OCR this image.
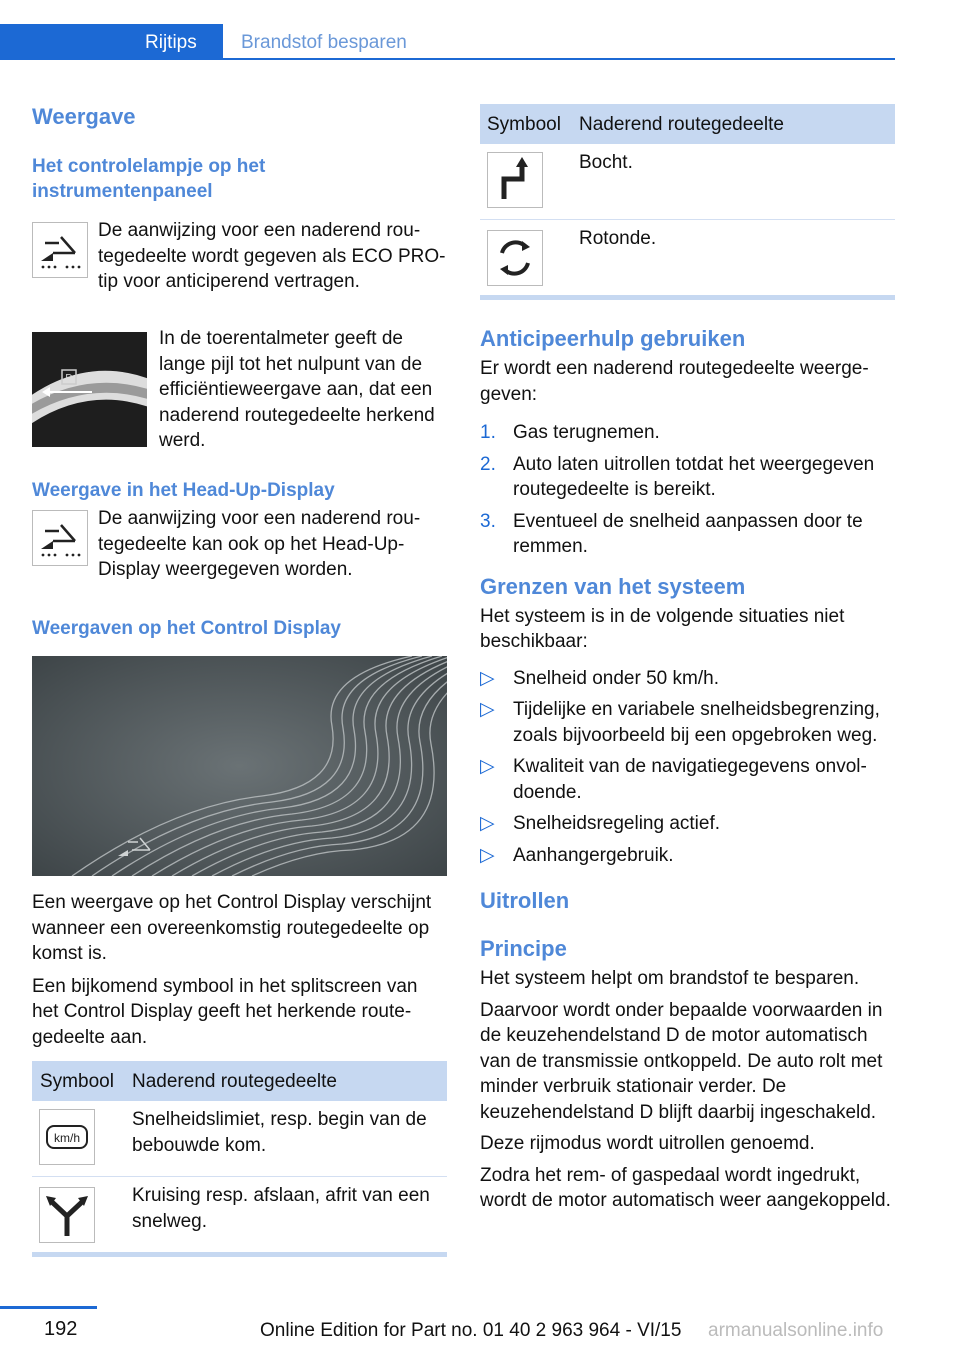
Rijtips Brandstof besparen

Weergave

Het controlelampje op het instrumentenpaneel

De aanwijzing voor een naderend routegedeelte wordt gegeven als ECO PRO-tip voor anticiperend vertragen.

D ECO PRO

In de toerentalmeter geeft de lange pijl tot het nulpunt van de efficiëntieweergave aan, dat een naderend routegedeelte herkend werd.

Weergave in het Head-Up-Display

De aanwijzing voor een naderend routegedeelte kan ook op het Head-Up-Display weergegeven worden.

Weergaven op het Control Display

Een weergave op het Control Display verschijnt wanneer een overeenkomstig routegedeelte op komst is.

Een bijkomend symbool in het splitscreen van het Control Display geeft het herkende routegedeelte aan.

Symbool Naderend routegedeelte
km/h

Snelheidslimiet, resp. begin van de bebouwde kom.

Kruising resp. afslaan, afrit van een snelweg.

Symbool Naderend routegedeelte

Bocht.

Rotonde.

Anticipeerhulp gebruiken

Er wordt een naderend routegedeelte weergegeven:

1. Gas terugnemen.
2. Auto laten uitrollen totdat het weergegeven routegedeelte is bereikt.
3. Eventueel de snelheid aanpassen door te remmen.

Grenzen van het systeem

Het systeem is in de volgende situaties niet beschikbaar:

▷ Snelheid onder 50 km/h.
▷ Tijdelijke en variabele snelheidsbegrenzing, zoals bijvoorbeeld bij een opgebroken weg.
▷ Kwaliteit van de navigatiegegevens onvoldoende.
▷ Snelheidsregeling actief.
▷ Aanhangergebruik.

Uitrollen

Principe

Het systeem helpt om brandstof te besparen.

Daarvoor wordt onder bepaalde voorwaarden in de keuzehendelstand D de motor automatisch van de transmissie ontkoppeld. De auto rolt met minder verbruik stationair verder. De keuzehendelstand D blijft daarbij ingeschakeld.

Deze rijmodus wordt uitrollen genoemd.

Zodra het rem- of gaspedaal wordt ingedrukt, wordt de motor automatisch weer aangekoppeld.

192	Online Edition for Part no. 01 40 2 963 964 - VI/15 armanualsonline.info
